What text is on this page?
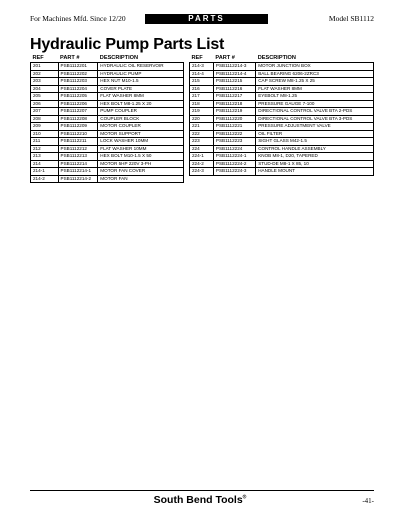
For Machines Mfd. Since 12/20	PARTS	Model SB1112
Hydraulic Pump Parts List
REF	PART #	DESCRIPTION
201	PSB1112201	HYDRAULIC OIL RESERVOIR
202	PSB1112202	HYDRAULIC PUMP
203	PSB1112203	HEX NUT M10-1.5
204	PSB1112204	COVER PLATE
205	PSB1112205	FLAT WASHER 8MM
206	PSB1112206	HEX BOLT M8-1.25 X 20
207	PSB1112207	PUMP COUPLER
208	PSB1112208	COUPLER BLOCK
209	PSB1112209	MOTOR COUPLER
210	PSB1112210	MOTOR SUPPORT
211	PSB1112211	LOCK WASHER 10MM
212	PSB1112212	FLAT WASHER 10MM
213	PSB1112213	HEX BOLT M10-1.5 X 50
214	PSB1112214	MOTOR 5HP 220V 3-PH
214-1	PSB1112214-1	MOTOR FAN COVER
214-2	PSB1112214-2	MOTOR FAN
REF	PART #	DESCRIPTION
214-3	PSB1112214-3	MOTOR JUNCTION BOX
214-4	PSB1112214-4	BALL BEARING 6206-2ZRC3
215	PSB1112215	CAP SCREW M8-1.25 X 25
216	PSB1112216	FLAT WASHER 8MM
217	PSB1112217	EYEBOLT M8-1.25
218	PSB1112218	PRESSURE GAUGE 7-100
219	PSB1112219	DIRECTIONAL CONTROL VALVE BTA 2-PDS
220	PSB1112220	DIRECTIONAL CONTROL VALVE BTA 3-PDS
221	PSB1112221	PRESSURE ADJUSTMENT VALVE
222	PSB1112222	OIL FILTER
223	PSB1112223	SIGHT GLASS M42-1.5
224	PSB1112224	CONTROL HANDLE ASSEMBLY
224-1	PSB1112224-1	KNOB M8-1, D20, TAPERED
224-2	PSB1112224-2	STUD-DE M8-1 X 85, 10
224-3	PSB1112224-3	HANDLE MOUNT
South Bend Tools®	-41-
